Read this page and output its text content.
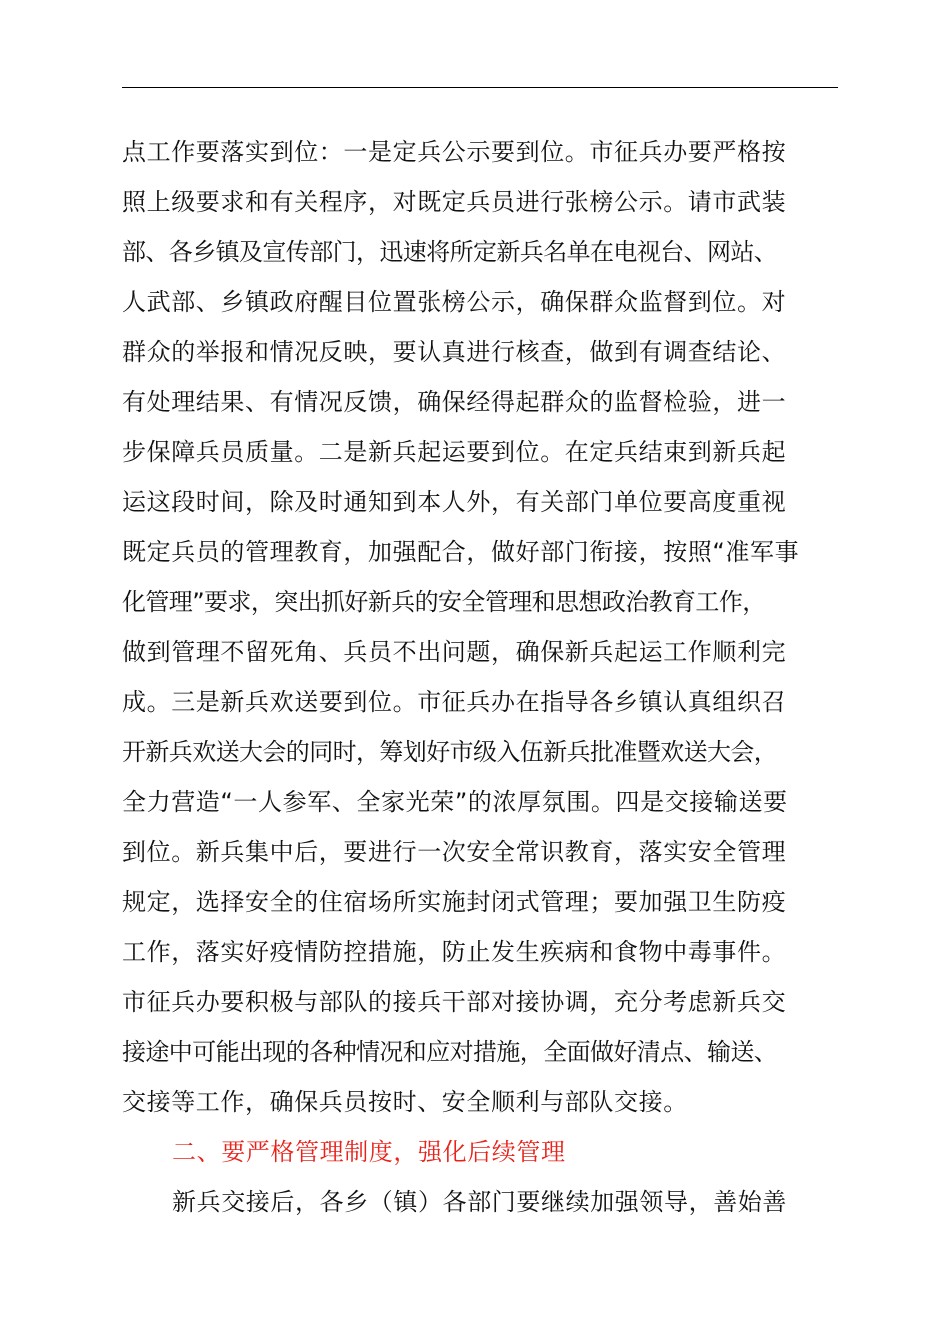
点工作要落实到位：一是定兵公示要到位。市征兵办要严格按
照上级要求和有关程序，对既定兵员进行张榜公示。请市武装
部、各乡镇及宣传部门，迅速将所定新兵名单在电视台、网站、
人武部、乡镇政府醒目位置张榜公示，确保群众监督到位。对
群众的举报和情况反映，要认真进行核查，做到有调查结论、
有处理结果、有情况反馈，确保经得起群众的监督检验，进一
步保障兵员质量。二是新兵起运要到位。在定兵结束到新兵起
运这段时间，除及时通知到本人外，有关部门单位要高度重视
既定兵员的管理教育，加强配合，做好部门衔接，按照“准军事
化管理”要求，突出抓好新兵的安全管理和思想政治教育工作，
做到管理不留死角、兵员不出问题，确保新兵起运工作顺利完
成。三是新兵欢送要到位。市征兵办在指导各乡镇认真组织召
开新兵欢送大会的同时，筹划好市级入伍新兵批准暨欢送大会，
全力营造“一人参军、全家光荣”的浓厚氛围。四是交接输送要
到位。新兵集中后，要进行一次安全常识教育，落实安全管理
规定，选择安全的住宿场所实施封闭式管理；要加强卫生防疫
工作，落实好疫情防控措施，防止发生疾病和食物中毒事件。
市征兵办要积极与部队的接兵干部对接协调，充分考虑新兵交
接途中可能出现的各种情况和应对措施，全面做好清点、输送、
交接等工作，确保兵员按时、安全顺利与部队交接。
二、要严格管理制度，强化后续管理
新兵交接后，各乡（镇）各部门要继续加强领导，善始善
